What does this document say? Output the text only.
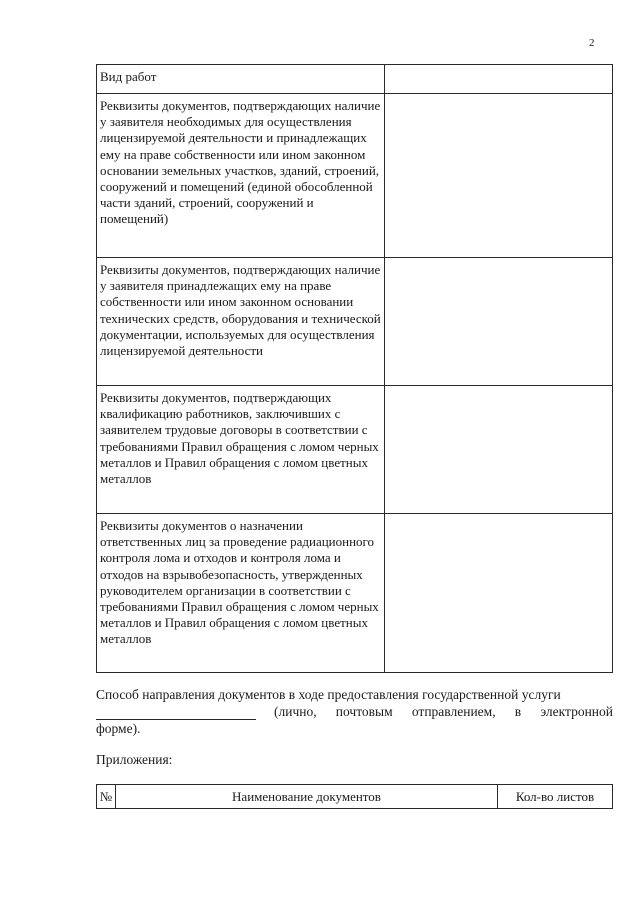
2
Вид работ	
Реквизиты документов, подтверждающих наличие у заявителя необходимых для осуществления лицензируемой деятельности и принадлежащих ему на праве собственности или ином законном основании земельных участков, зданий, строений, сооружений и помещений (единой обособленной части зданий, строений, сооружений и помещений)	
Реквизиты документов, подтверждающих наличие у заявителя принадлежащих ему на праве собственности или ином законном основании технических средств, оборудования и технической документации, используемых для осуществления лицензируемой деятельности	
Реквизиты документов, подтверждающих квалификацию работников, заключивших с заявителем трудовые договоры в соответствии с требованиями Правил обращения с ломом черных металлов и Правил обращения с ломом цветных металлов	
Реквизиты документов о назначении ответственных лиц за проведение радиационного контроля лома и отходов и контроля лома и отходов на взрывобезопасность, утвержденных руководителем организации в соответствии с требованиями Правил обращения с ломом черных металлов и Правил обращения с ломом цветных металлов	
Способ направления документов в ходе предоставления государственной услуги
(лично, почтовым отправлением, в электронной
форме).
Приложения:
№	Наименование документов	Кол-во листов
